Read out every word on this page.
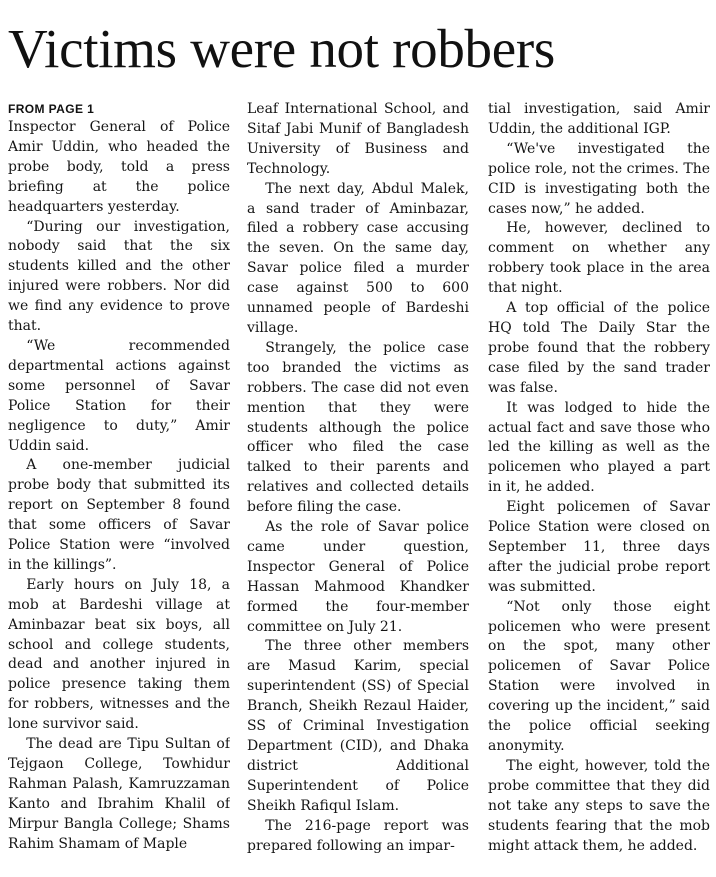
Victims were not robbers
FROM PAGE 1

Inspector General of Police Amir Uddin, who headed the probe body, told a press briefing at the police headquarters yesterday.

“During our investigation, nobody said that the six students killed and the other injured were robbers. Nor did we find any evidence to prove that.

“We recommended departmental actions against some personnel of Savar Police Station for their negligence to duty,” Amir Uddin said.

A one-member judicial probe body that submitted its report on September 8 found that some officers of Savar Police Station were “involved in the killings”.

Early hours on July 18, a mob at Bardeshi village at Aminbazar beat six boys, all school and college students, dead and another injured in police presence taking them for robbers, witnesses and the lone survivor said.

The dead are Tipu Sultan of Tejgaon College, Towhidur Rahman Palash, Kamruzzaman Kanto and Ibrahim Khalil of Mirpur Bangla College; Shams Rahim Shamam of Maple

Leaf International School, and Sitaf Jabi Munif of Bangladesh University of Business and Technology.

The next day, Abdul Malek, a sand trader of Aminbazar, filed a robbery case accusing the seven. On the same day, Savar police filed a murder case against 500 to 600 unnamed people of Bardeshi village.

Strangely, the police case too branded the victims as robbers. The case did not even mention that they were students although the police officer who filed the case talked to their parents and relatives and collected details before filing the case.

As the role of Savar police came under question, Inspector General of Police Hassan Mahmood Khandker formed the four-member committee on July 21.

The three other members are Masud Karim, special superintendent (SS) of Special Branch, Sheikh Rezaul Haider, SS of Criminal Investigation Department (CID), and Dhaka district Additional Superintendent of Police Sheikh Rafiqul Islam.

The 216-page report was prepared following an impar-

tial investigation, said Amir Uddin, the additional IGP.

“We've investigated the police role, not the crimes. The CID is investigating both the cases now,” he added.

He, however, declined to comment on whether any robbery took place in the area that night.

A top official of the police HQ told The Daily Star the probe found that the robbery case filed by the sand trader was false.

It was lodged to hide the actual fact and save those who led the killing as well as the policemen who played a part in it, he added.

Eight policemen of Savar Police Station were closed on September 11, three days after the judicial probe report was submitted.

“Not only those eight policemen who were present on the spot, many other policemen of Savar Police Station were involved in covering up the incident,” said the police official seeking anonymity.

The eight, however, told the probe committee that they did not take any steps to save the students fearing that the mob might attack them, he added.
